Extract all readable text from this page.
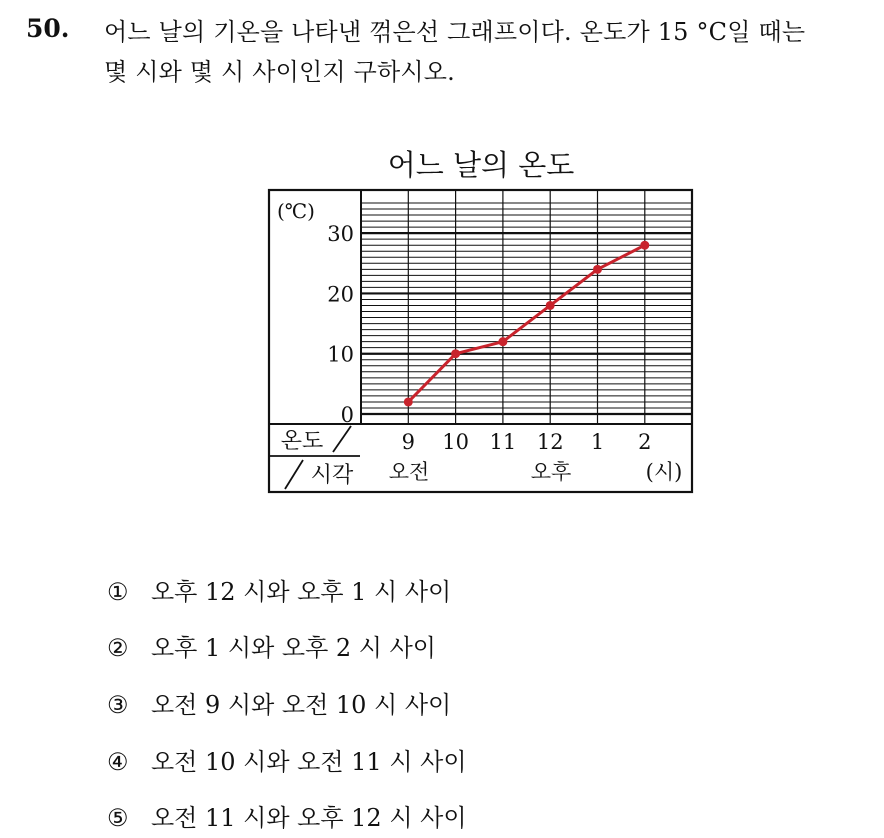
50. 어느 날의 기온을 나타낸 꺾은선 그래프이다. 온도가 15 °C일 때는
몇 시와 몇 시 사이인지 구하시오.
어느 날의 온도
(℃)
0
10
20
30
9 10 11 12 1 2
온도
시각 오전	오후	(시)
① 오후 12 시와 오후 1 시 사이
② 오후 1 시와 오후 2 시 사이
③ 오전 9 시와 오전 10 시 사이
④ 오전 10 시와 오전 11 시 사이
⑤ 오전 11 시와 오후 12 시 사이
